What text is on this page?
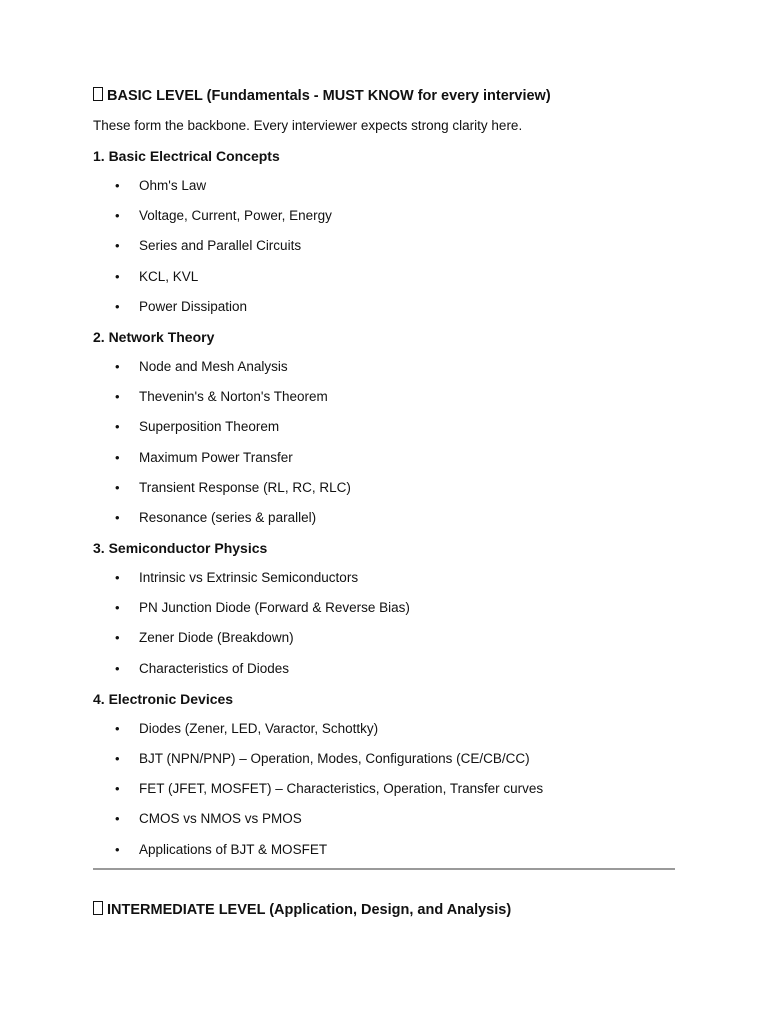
BASIC LEVEL (Fundamentals - MUST KNOW for every interview)
These form the backbone. Every interviewer expects strong clarity here.
1. Basic Electrical Concepts
• Ohm's Law
• Voltage, Current, Power, Energy
• Series and Parallel Circuits
• KCL, KVL
• Power Dissipation
2. Network Theory
• Node and Mesh Analysis
• Thevenin's & Norton's Theorem
• Superposition Theorem
• Maximum Power Transfer
• Transient Response (RL, RC, RLC)
• Resonance (series & parallel)
3. Semiconductor Physics
• Intrinsic vs Extrinsic Semiconductors
• PN Junction Diode (Forward & Reverse Bias)
• Zener Diode (Breakdown)
• Characteristics of Diodes
4. Electronic Devices
• Diodes (Zener, LED, Varactor, Schottky)
• BJT (NPN/PNP) – Operation, Modes, Configurations (CE/CB/CC)
• FET (JFET, MOSFET) – Characteristics, Operation, Transfer curves
• CMOS vs NMOS vs PMOS
• Applications of BJT & MOSFET
INTERMEDIATE LEVEL (Application, Design, and Analysis)
